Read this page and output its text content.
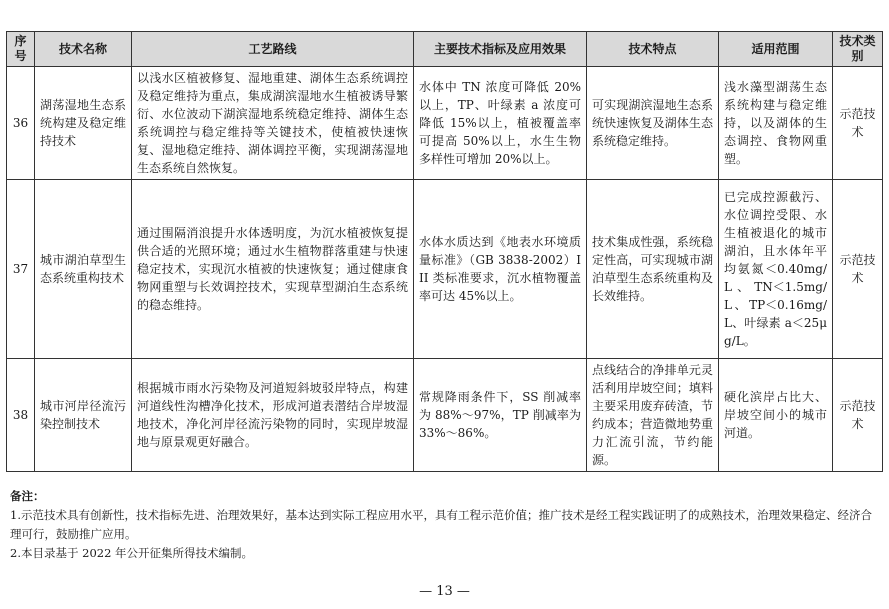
序号	技术名称	工艺路线	主要技术指标及应用效果	技术特点	适用范围	技术类别
36	湖荡湿地生态系统构建及稳定维持技术	以浅水区植被修复、湿地重建、湖体生态系统调控及稳定维持为重点，集成湖滨湿地水生植被诱导繁衍、水位波动下湖滨湿地系统稳定维持、湖体生态系统调控与稳定维持等关键技术，使植被快速恢复、湿地稳定维持、湖体调控平衡，实现湖荡湿地生态系统自然恢复。	水体中 TN 浓度可降低 20%以上，TP、叶绿素 a 浓度可降低 15%以上，植被覆盖率可提高 50%以上，水生生物多样性可增加 20%以上。	可实现湖滨湿地生态系统快速恢复及湖体生态系统稳定维持。	浅水藻型湖荡生态系统构建与稳定维持，以及湖体的生态调控、食物网重塑。	示范技术
37	城市湖泊草型生态系统重构技术	通过围隔消浪提升水体透明度，为沉水植被恢复提供合适的光照环境；通过水生植物群落重建与快速稳定技术，实现沉水植被的快速恢复；通过健康食物网重塑与长效调控技术，实现草型湖泊生态系统的稳态维持。	水体水质达到《地表水环境质量标准》（GB 3838-2002）III 类标准要求，沉水植物覆盖率可达 45%以上。	技术集成性强，系统稳定性高，可实现城市湖泊草型生态系统重构及长效维持。	已完成控源截污、水位调控受限、水生植被退化的城市湖泊，且水体年平均氨氮＜0.40mg/L、TN＜1.5mg/L、TP＜0.16mg/L、叶绿素 a＜25μg/L。	示范技术
38	城市河岸径流污染控制技术	根据城市雨水污染物及河道短斜坡驳岸特点，构建河道线性沟槽净化技术，形成河道表潜结合岸坡湿地技术，净化河岸径流污染物的同时，实现岸坡湿地与原景观更好融合。	常规降雨条件下，SS 削减率为 88%～97%，TP 削减率为 33%～86%。	点线结合的净排单元灵活利用岸坡空间；填料主要采用废弃砖渣，节约成本；营造微地势重力汇流引流，节约能源。	硬化滨岸占比大、岸坡空间小的城市河道。	示范技术
备注：
1.示范技术具有创新性，技术指标先进、治理效果好，基本达到实际工程应用水平，具有工程示范价值；推广技术是经工程实践证明了的成熟技术，治理效果稳定、经济合理可行，鼓励推广应用。
2.本目录基于 2022 年公开征集所得技术编制。
— 13 —
